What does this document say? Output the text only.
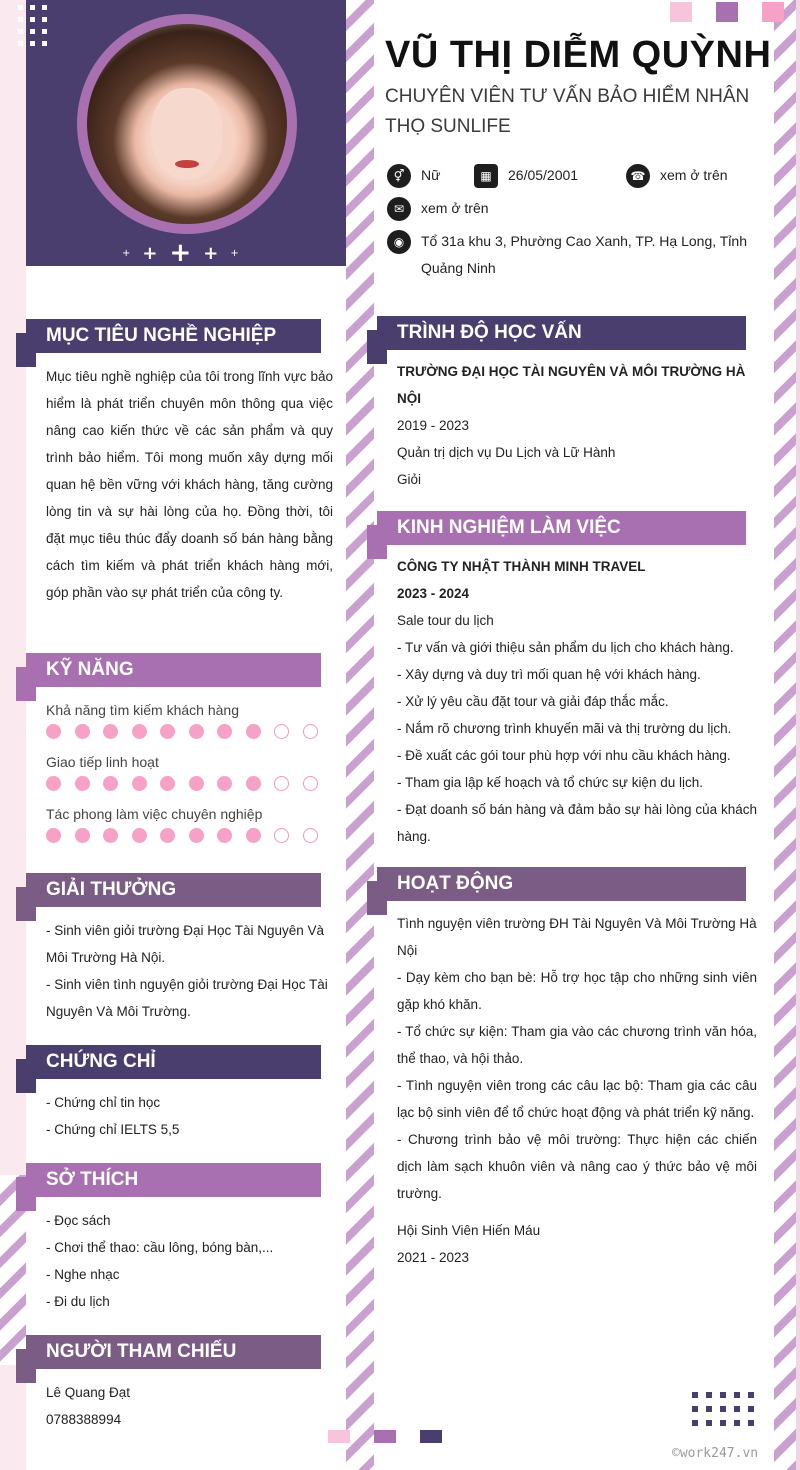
+ + + + +
VŨ THỊ DIỄM QUỲNH
CHUYÊN VIÊN TƯ VẤN BẢO HIỂM NHÂN THỌ SUNLIFE
⚥	Nữ	▦	26/05/2001	☎	xem ở trên
✉	xem ở trên
◉	Tổ 31a khu 3, Phường Cao Xanh, TP. Hạ Long, Tỉnh Quảng Ninh
MỤC TIÊU NGHỀ NGHIỆP
Mục tiêu nghề nghiệp của tôi trong lĩnh vực bảo hiểm là phát triển chuyên môn thông qua việc nâng cao kiến thức về các sản phẩm và quy trình bảo hiểm. Tôi mong muốn xây dựng mối quan hệ bền vững với khách hàng, tăng cường lòng tin và sự hài lòng của họ. Đồng thời, tôi đặt mục tiêu thúc đẩy doanh số bán hàng bằng cách tìm kiếm và phát triển khách hàng mới, góp phần vào sự phát triển của công ty.
KỸ NĂNG
Khả năng tìm kiếm khách hàng
Giao tiếp linh hoạt
Tác phong làm việc chuyên nghiệp
GIẢI THƯỞNG
- Sinh viên giỏi trường Đại Học Tài Nguyên Và Môi Trường Hà Nội.
- Sinh viên tình nguyện giỏi trường Đại Học Tài Nguyên Và Môi Trường.
CHỨNG CHỈ
- Chứng chỉ tin học
- Chứng chỉ IELTS 5,5
SỞ THÍCH
- Đọc sách
- Chơi thể thao: cầu lông, bóng bàn,...
- Nghe nhạc
- Đi du lịch
NGƯỜI THAM CHIẾU
Lê Quang Đạt
0788388994
TRÌNH ĐỘ HỌC VẤN
TRƯỜNG ĐẠI HỌC TÀI NGUYÊN VÀ MÔI TRƯỜNG HÀ NỘI
2019 - 2023
Quản trị dịch vụ Du Lịch và Lữ Hành
Giỏi
KINH NGHIỆM LÀM VIỆC
CÔNG TY NHẬT THÀNH MINH TRAVEL
2023 - 2024
Sale tour du lịch
- Tư vấn và giới thiệu sản phẩm du lịch cho khách hàng.
- Xây dựng và duy trì mối quan hệ với khách hàng.
- Xử lý yêu cầu đặt tour và giải đáp thắc mắc.
- Nắm rõ chương trình khuyến mãi và thị trường du lịch.
- Đề xuất các gói tour phù hợp với nhu cầu khách hàng.
- Tham gia lập kế hoạch và tổ chức sự kiện du lịch.
- Đạt doanh số bán hàng và đảm bảo sự hài lòng của khách hàng.
HOẠT ĐỘNG
Tình nguyện viên trường ĐH Tài Nguyên Và Môi Trường Hà Nội
- Dạy kèm cho bạn bè: Hỗ trợ học tập cho những sinh viên gặp khó khăn.
- Tổ chức sự kiện: Tham gia vào các chương trình văn hóa, thể thao, và hội thảo.
- Tình nguyện viên trong các câu lạc bộ: Tham gia các câu lạc bộ sinh viên để tổ chức hoạt động và phát triển kỹ năng.
- Chương trình bảo vệ môi trường: Thực hiện các chiến dịch làm sạch khuôn viên và nâng cao ý thức bảo vệ môi trường.
Hội Sinh Viên Hiến Máu
2021 - 2023
©work247.vn
